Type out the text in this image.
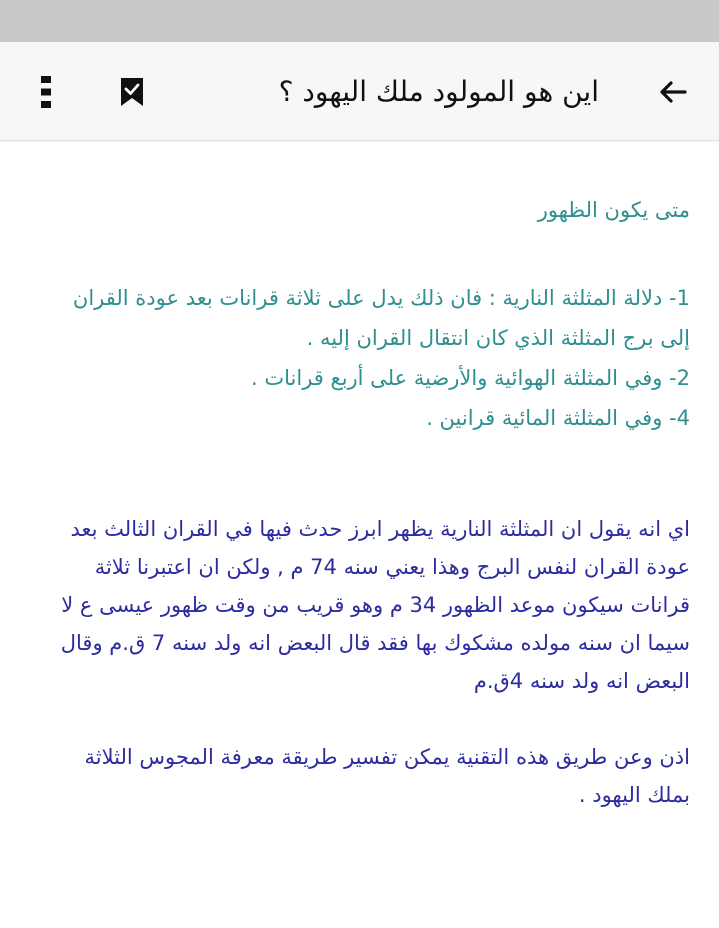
اين هو المولود ملك اليهود ؟
متى يكون الظهور
1- دلالة المثلثة النارية : فان ذلك يدل على ثلاثة قرانات بعد عودة القران إلى برج المثلثة الذي كان انتقال القران إليه .
2- وفي المثلثة الهوائية والأرضية على أربع قرانات .
4- وفي المثلثة المائية قرانين .
اي انه يقول ان المثلثة النارية يظهر ابرز حدث فيها في القران الثالث بعد عودة القران لنفس البرج وهذا يعني سنه 74 م , ولكن ان اعتبرنا ثلاثة قرانات سيكون موعد الظهور 34 م وهو قريب من وقت ظهور عيسى ع لا سيما ان سنه مولده مشكوك بها فقد قال البعض انه ولد سنه 7 ق.م وقال البعض انه ولد سنه 4ق.م
اذن وعن طريق هذه التقنية يمكن تفسير طريقة معرفة المجوس الثلاثة بملك اليهود .
